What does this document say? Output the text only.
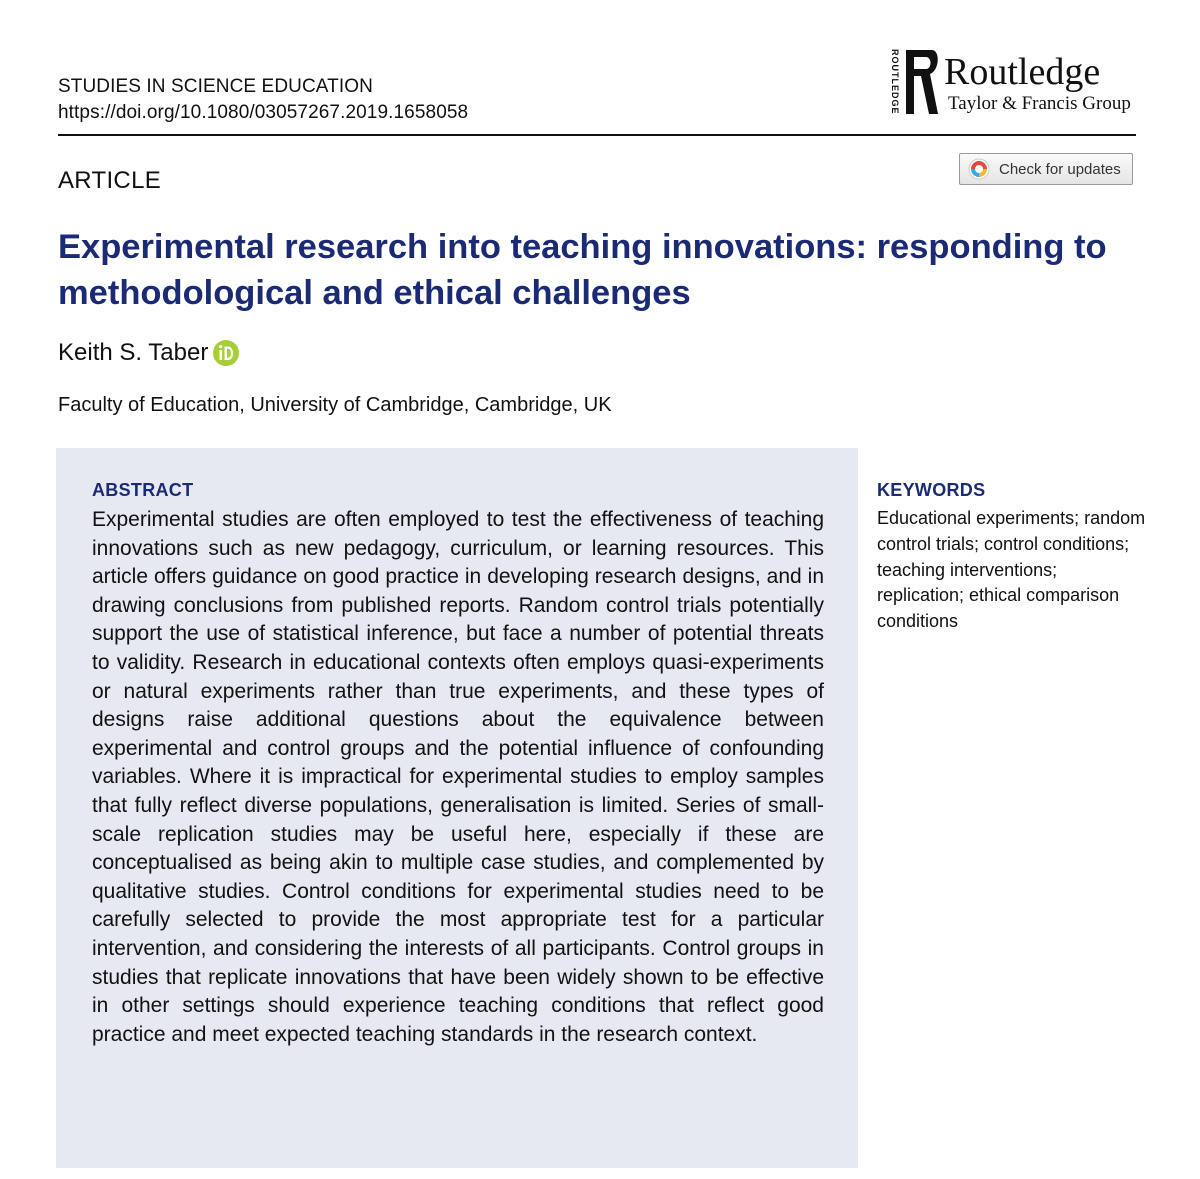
STUDIES IN SCIENCE EDUCATION
https://doi.org/10.1080/03057267.2019.1658058	ROUTLEDGE Routledge
Taylor & Francis Group
ARTICLE	Check for updates
Experimental research into teaching innovations: responding to methodological and ethical challenges
Keith S. Taber
Faculty of Education, University of Cambridge, Cambridge, UK
ABSTRACT
Experimental studies are often employed to test the effectiveness of teaching innovations such as new pedagogy, curriculum, or learning resources. This article offers guidance on good practice in developing research designs, and in drawing conclusions from published reports. Random control trials potentially support the use of statistical inference, but face a number of potential threats to validity. Research in educational contexts often employs quasi-experiments or natural experiments rather than true experiments, and these types of designs raise additional questions about the equivalence between experimental and control groups and the potential influence of confounding variables. Where it is impractical for experimental studies to employ samples that fully reflect diverse populations, generalisation is limited. Series of small-scale replication studies may be useful here, especially if these are conceptualised as being akin to multiple case studies, and complemented by qualitative studies. Control conditions for experimental studies need to be carefully selected to provide the most appropriate test for a particular intervention, and considering the interests of all participants. Control groups in studies that replicate innovations that have been widely shown to be effective in other settings should experience teaching conditions that reflect good practice and meet expected teaching standards in the research context.
KEYWORDS
Educational experiments; random control trials; control conditions; teaching interventions; replication; ethical comparison conditions
